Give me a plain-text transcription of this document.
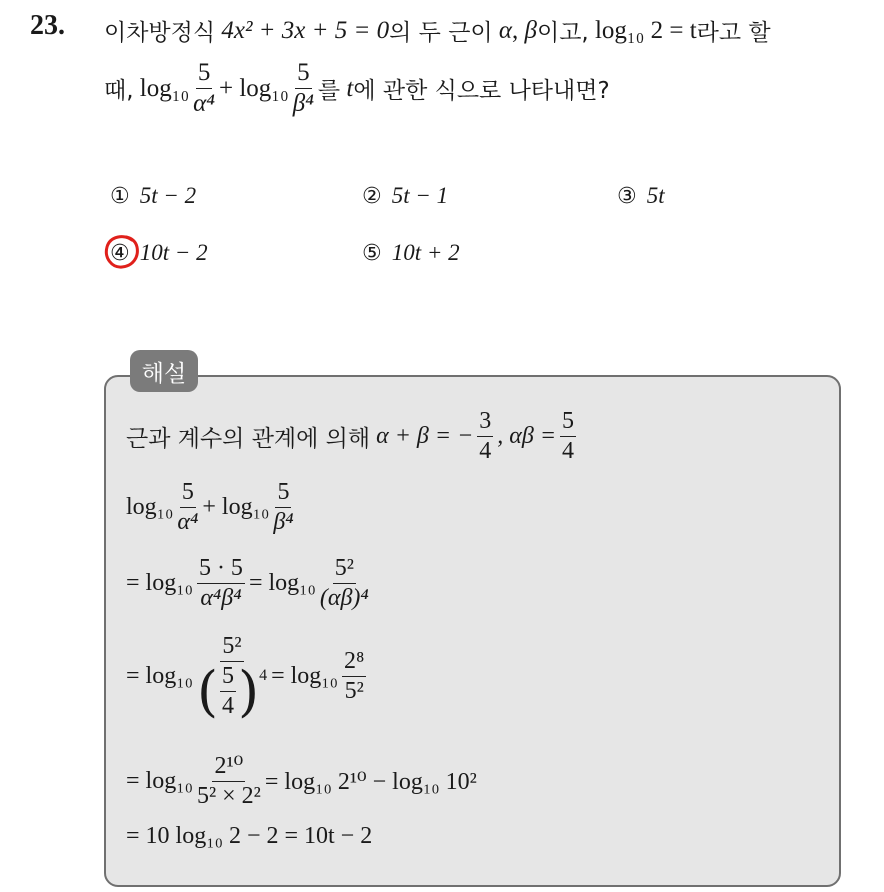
23. 이차방정식
4x² + 3x + 5 = 0 의 두 근이
α ,
β 이고,
log₁₀ 2 = t 라고 할
때,
$\log_{10} \frac{5}{\text{α⁴}}$ +
$\log_{10} \frac{5}{\text{β⁴}}$ 를
t 에 관한 식으로 나타내면?
① 5t − 2	② 5t − 1	③ 5t
④ 10t − 2	⑤ 10t + 2
해설
근과 계수의 관계에 의해
α + β = − $\frac{3}{4}$ , $\alpha\beta = \frac{5}{4}$
$\log_{10} \frac{5}{\text{α⁴}}$ +
$\log_{10} \frac{5}{\text{β⁴}}$
= $\log_{10} \frac{5 \cdot 5}{\text{α⁴β⁴}} = \log_{10} \frac{\text{5²}}{\text{(αβ)⁴}}$
= $\log_{10} \frac{\text{5²}}{( \frac{5}{4} ) 4} = \log_{10} \frac{\text{2⁸}}{\text{5²}}$
= $\log_{10} \frac{\text{2¹⁰}}{\text{5² × 2²}} = \log_{10}$ 2¹⁰ − log₁₀ 10²
= 10 log₁₀ 2 − 2 = 10t − 2
